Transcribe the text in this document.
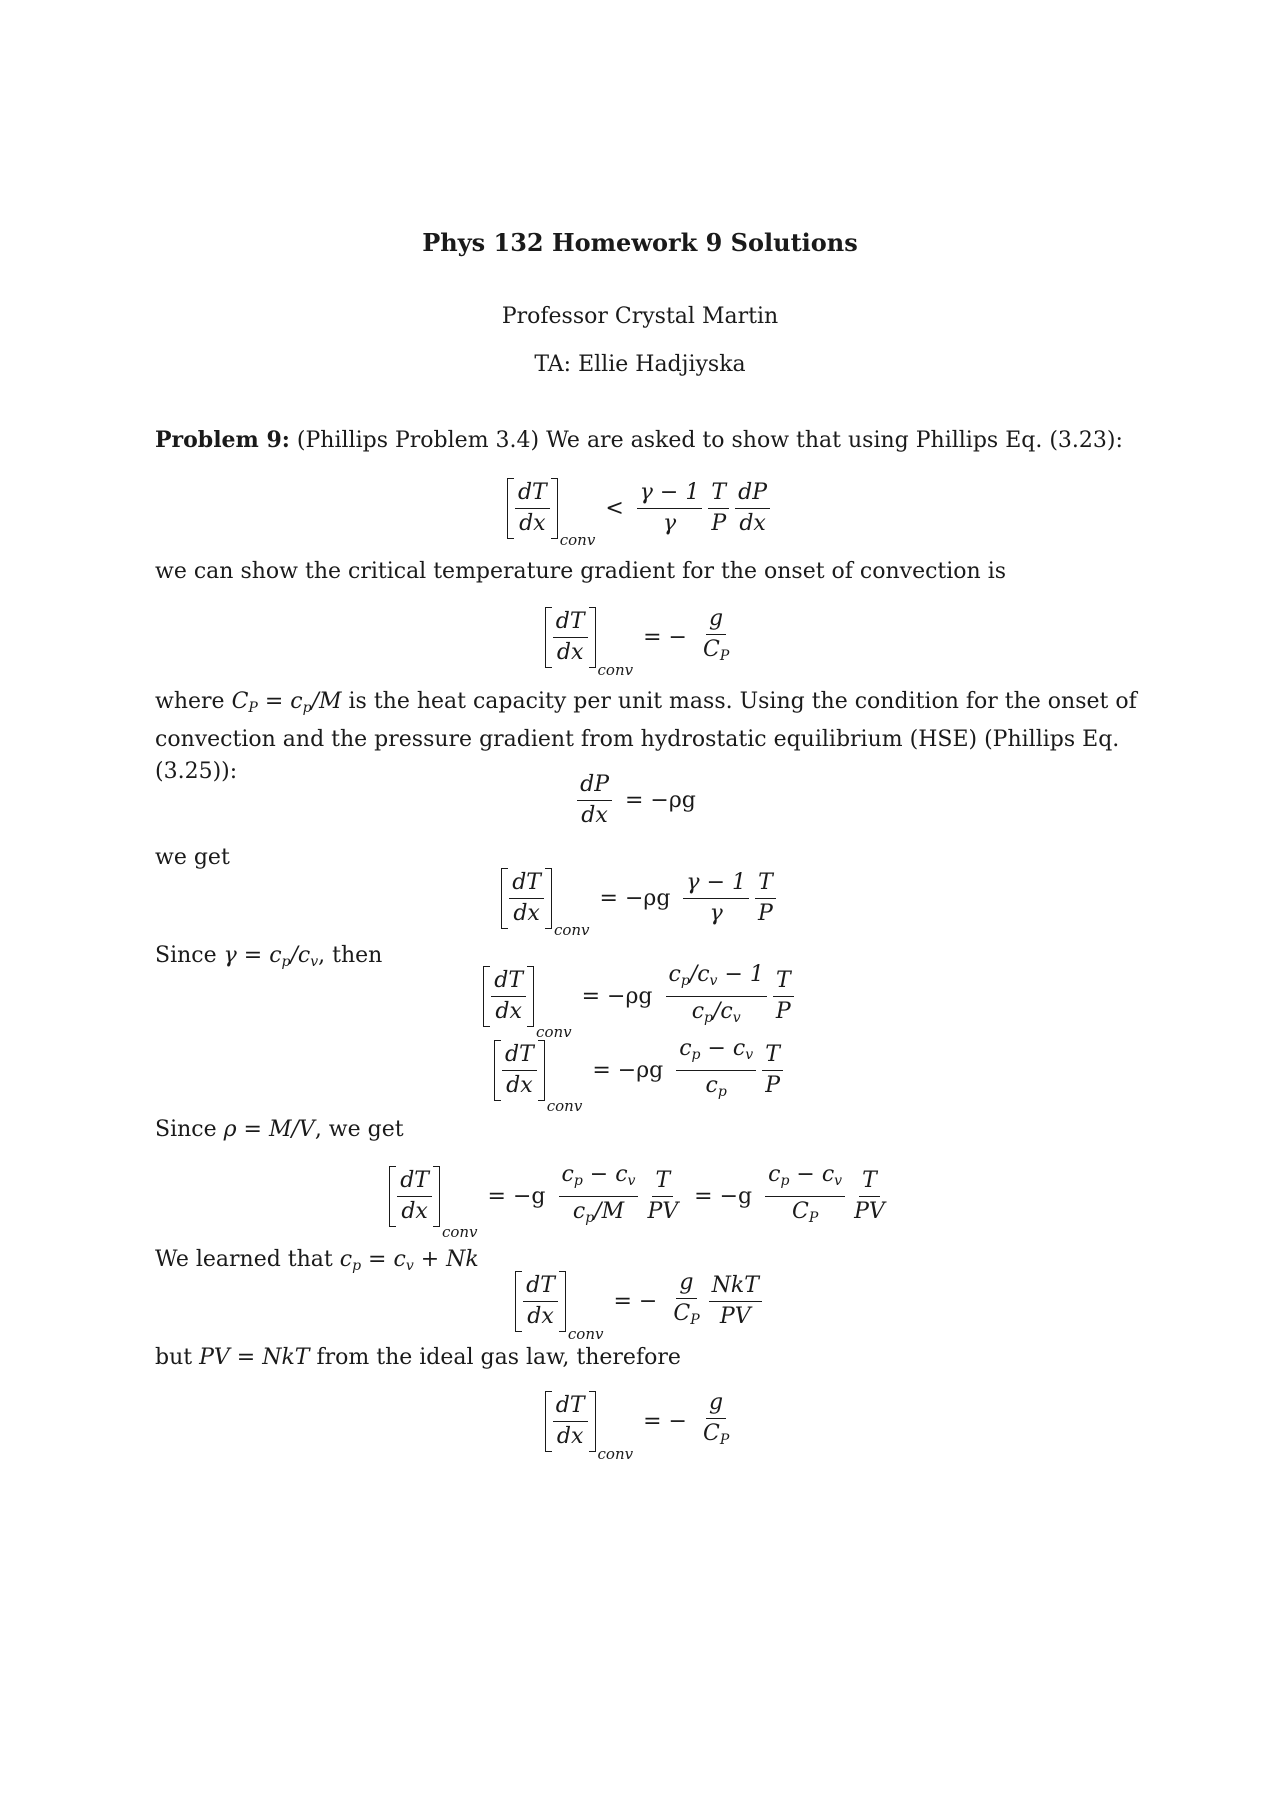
Phys 132 Homework 9 Solutions
Professor Crystal Martin
TA: Ellie Hadjiyska
Problem 9: (Phillips Problem 3.4) We are asked to show that using Phillips Eq. (3.23):
$\frac{dT}{dx}$
conv
< $\frac{\gamma - 1}{\gamma} \frac{T}{P} \frac{dP}{dx}$
we can show the critical temperature gradient for the onset of convection is
$\frac{dT}{dx}$
conv
= − $\frac{g}{CP}$
where CP = cp/M is the heat capacity per unit mass. Using the condition for the onset of convection and the pressure gradient from hydrostatic equilibrium (HSE) (Phillips Eq. (3.25)):
$\frac{dP}{dx} = -\rho g$
we get
$\frac{dT}{dx}$
conv
= $-\rho g \frac{\gamma - 1}{\gamma} \frac{T}{P}$
Since γ = cp/cv, then
$\frac{dT}{dx}$
conv
= $-\rho g \frac{cp/cv - 1}{cp/cv} \frac{T}{P}$
$\frac{dT}{dx}$
conv
= $-\rho g \frac{cp - cv}{cp} \frac{T}{P}$
Since ρ = M/V, we get
$\frac{dT}{dx}$
conv
= $-g \frac{cp - cv}{cp/M} \frac{T}{PV} = -g \frac{cp - cv}{CP} \frac{T}{PV}$
We learned that cp = cv + Nk
$\frac{dT}{dx}$
conv
= − $\frac{g}{CP} \frac{\text{NkT}}{PV}$
but PV = NkT from the ideal gas law, therefore
$\frac{dT}{dx}$
conv
= − $\frac{g}{CP}$
